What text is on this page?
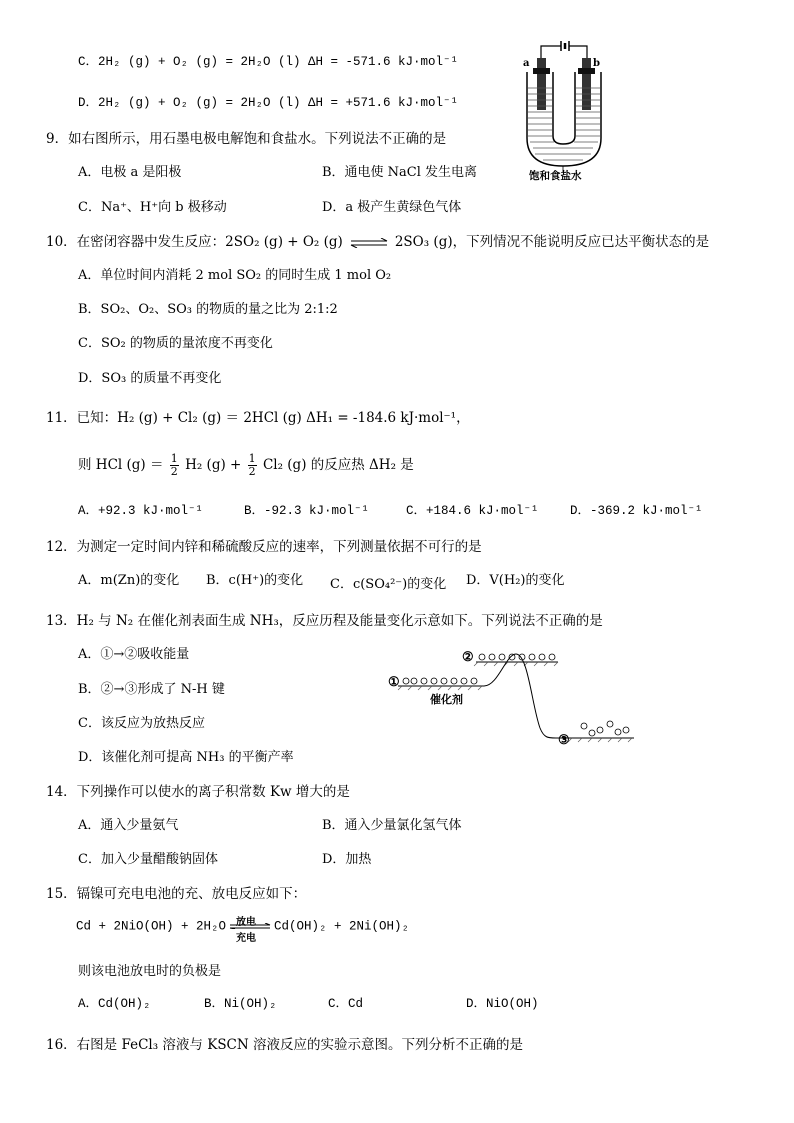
C．2H₂ (g) + O₂ (g) = 2H₂O (l) ΔH = -571.6 kJ·mol⁻¹
D．2H₂ (g) + O₂ (g) = 2H₂O (l) ΔH = +571.6 kJ·mol⁻¹
a	b
饱和食盐水
9．如右图所示，用石墨电极电解饱和食盐水。下列说法不正确的是
A．电极 a 是阳极	B．通电使 NaCl 发生电离
C．Na⁺、H⁺向 b 极移动	D．a 极产生黄绿色气体
10．在密闭容器中发生反应：2SO₂ (g) + O₂ (g) ⇌ 2SO₃ (g)，下列情况不能说明反应已达平衡状态的是
A．单位时间内消耗 2 mol SO₂ 的同时生成 1 mol O₂
B．SO₂、O₂、SO₃ 的物质的量之比为 2:1:2
C．SO₂ 的物质的量浓度不再变化
D．SO₃ 的质量不再变化
11．已知：H₂ (g) + Cl₂ (g) ＝ 2HCl (g) ΔH₁ = -184.6 kJ·mol⁻¹，
则 HCl $(g) = \frac{1}{2} H_2$ $(g) + \frac{1}{2} Cl_2$ (g) 的反应热 ΔH₂ 是
A．+92.3 kJ·mol⁻¹	B．-92.3 kJ·mol⁻¹	C．+184.6 kJ·mol⁻¹	D．-369.2 kJ·mol⁻¹
12．为测定一定时间内锌和稀硫酸反应的速率，下列测量依据不可行的是
A．m(Zn)的变化 B．c(H⁺)的变化 C．c(SO₄²⁻)的变化 D．V(H₂)的变化
13．H₂ 与 N₂ 在催化剂表面生成 NH₃，反应历程及能量变化示意如下。下列说法不正确的是
A．①→②吸收能量
B．②→③形成了 N-H 键
C．该反应为放热反应
D．该催化剂可提高 NH₃ 的平衡产率
②
①
催化剂
③
14．下列操作可以使水的离子积常数 Kw 增大的是
A．通入少量氨气	B．通入少量氯化氢气体
C．加入少量醋酸钠固体	D．加热
15．镉镍可充电电池的充、放电反应如下：
Cd + 2NiO(OH) + 2H₂O 放电
充电
Cd(OH)₂ + 2Ni(OH)₂
则该电池放电时的负极是
A．Cd(OH)₂	B．Ni(OH)₂	C．Cd	D．NiO(OH)
16．右图是 FeCl₃ 溶液与 KSCN 溶液反应的实验示意图。下列分析不正确的是
